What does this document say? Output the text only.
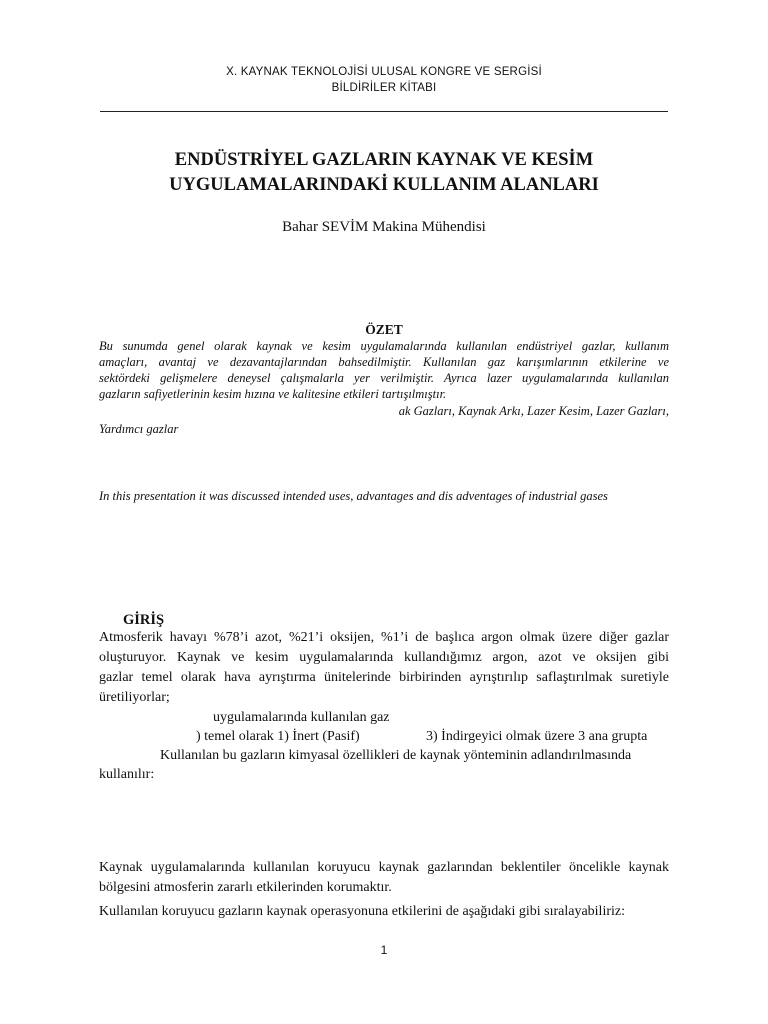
X. KAYNAK TEKNOLOJİSİ ULUSAL KONGRE VE SERGİSİ
BİLDİRİLER KİTABI
ENDÜSTRİYEL GAZLARIN KAYNAK VE KESİM
UYGULAMALARINDAKİ KULLANIM ALANLARI
Bahar SEVİM Makina Mühendisi
ÖZET
Bu sunumda genel olarak kaynak ve kesim uygulamalarında kullanılan endüstriyel gazlar, kullanım
amaçları, avantaj ve dezavantajlarından bahsedilmiştir. Kullanılan gaz karışımlarının etkilerine ve
sektördeki gelişmelere deneysel çalışmalarla yer verilmiştir. Ayrıca lazer uygulamalarında kullanılan
gazların safiyetlerinin kesim hızına ve kalitesine etkileri tartışılmıştır.
ak Gazları, Kaynak Arkı, Lazer Kesim, Lazer Gazları,
Yardımcı gazlar
In this presentation it was discussed intended uses, advantages and dis adventages of industrial gases
GİRİŞ
Atmosferik havayı %78’i azot, %21’i oksijen, %1’i de başlıca argon olmak üzere diğer gazlar
oluşturuyor. Kaynak ve kesim uygulamalarında kullandığımız argon, azot ve oksijen gibi
gazlar temel olarak hava ayrıştırma ünitelerinde birbirinden ayrıştırılıp saflaştırılmak suretiyle
üretiliyorlar;
uygulamalarında kullanılan gaz
) temel olarak 1) İnert (Pasif)	3) İndirgeyici olmak üzere 3 ana grupta
Kullanılan bu gazların kimyasal özellikleri de kaynak yönteminin adlandırılmasında
kullanılır:
Kaynak uygulamalarında kullanılan koruyucu kaynak gazlarından beklentiler öncelikle kaynak
bölgesini atmosferin zararlı etkilerinden korumaktır.
Kullanılan koruyucu gazların kaynak operasyonuna etkilerini de aşağıdaki gibi sıralayabiliriz:
1
